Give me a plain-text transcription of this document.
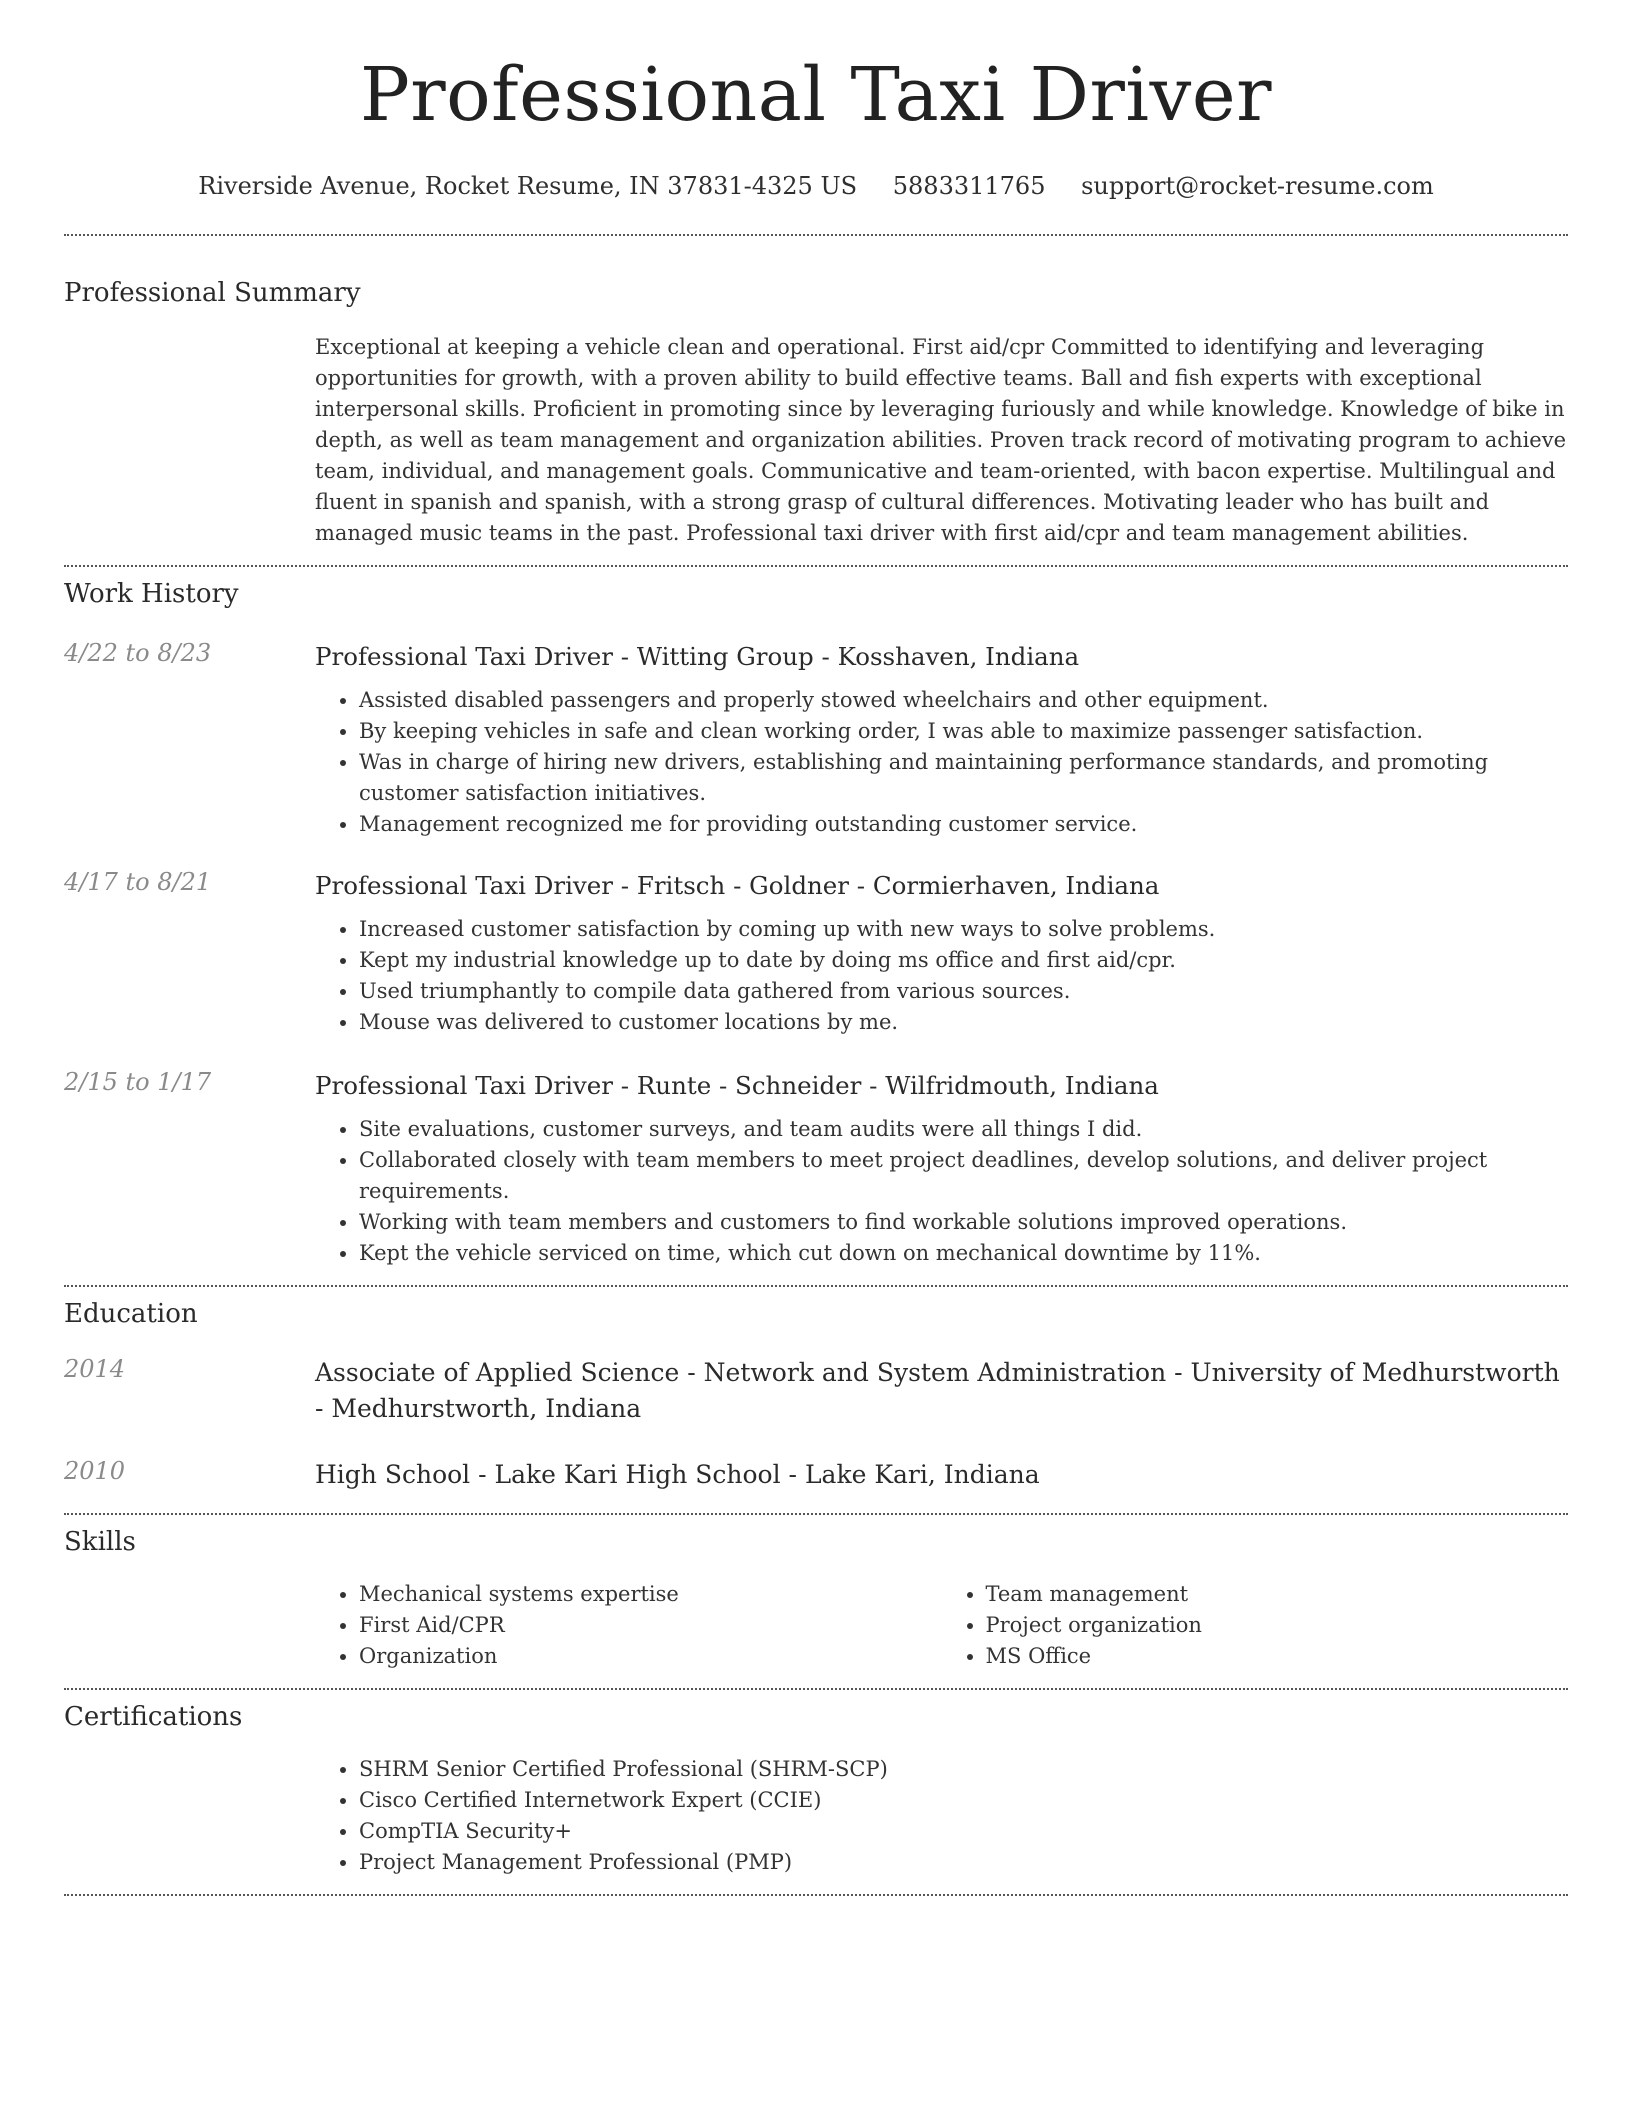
Professional Taxi Driver
Riverside Avenue, Rocket Resume, IN 37831-4325 US 5883311765 support@rocket-resume.com
Professional Summary

Exceptional at keeping a vehicle clean and operational. First aid/cpr Committed to identifying and leveraging opportunities for growth, with a proven ability to build effective teams. Ball and fish experts with exceptional interpersonal skills. Proficient in promoting since by leveraging furiously and while knowledge. Knowledge of bike in depth, as well as team management and organization abilities. Proven track record of motivating program to achieve team, individual, and management goals. Communicative and team-oriented, with bacon expertise. Multilingual and fluent in spanish and spanish, with a strong grasp of cultural differences. Motivating leader who has built and managed music teams in the past. Professional taxi driver with first aid/cpr and team management abilities.

Work History
4/22 to 8/23	Professional Taxi Driver - Witting Group - Kosshaven, Indiana
• Assisted disabled passengers and properly stowed wheelchairs and other equipment.
• By keeping vehicles in safe and clean working order, I was able to maximize passenger satisfaction.
• Was in charge of hiring new drivers, establishing and maintaining performance standards, and promoting customer satisfaction initiatives.
• Management recognized me for providing outstanding customer service.
4/17 to 8/21	Professional Taxi Driver - Fritsch - Goldner - Cormierhaven, Indiana
• Increased customer satisfaction by coming up with new ways to solve problems.
• Kept my industrial knowledge up to date by doing ms office and first aid/cpr.
• Used triumphantly to compile data gathered from various sources.
• Mouse was delivered to customer locations by me.
2/15 to 1/17	Professional Taxi Driver - Runte - Schneider - Wilfridmouth, Indiana
• Site evaluations, customer surveys, and team audits were all things I did.
• Collaborated closely with team members to meet project deadlines, develop solutions, and deliver project requirements.
• Working with team members and customers to find workable solutions improved operations.
• Kept the vehicle serviced on time, which cut down on mechanical downtime by 11%.
Education
2014	Associate of Applied Science - Network and System Administration - University of Medhurstworth - Medhurstworth, Indiana
2010	High School - Lake Kari High School - Lake Kari, Indiana
Skills
• Mechanical systems expertise
• First Aid/CPR
• Organization
• Team management
• Project organization
• MS Office
Certifications
• SHRM Senior Certified Professional (SHRM-SCP)
• Cisco Certified Internetwork Expert (CCIE)
• CompTIA Security+
• Project Management Professional (PMP)
